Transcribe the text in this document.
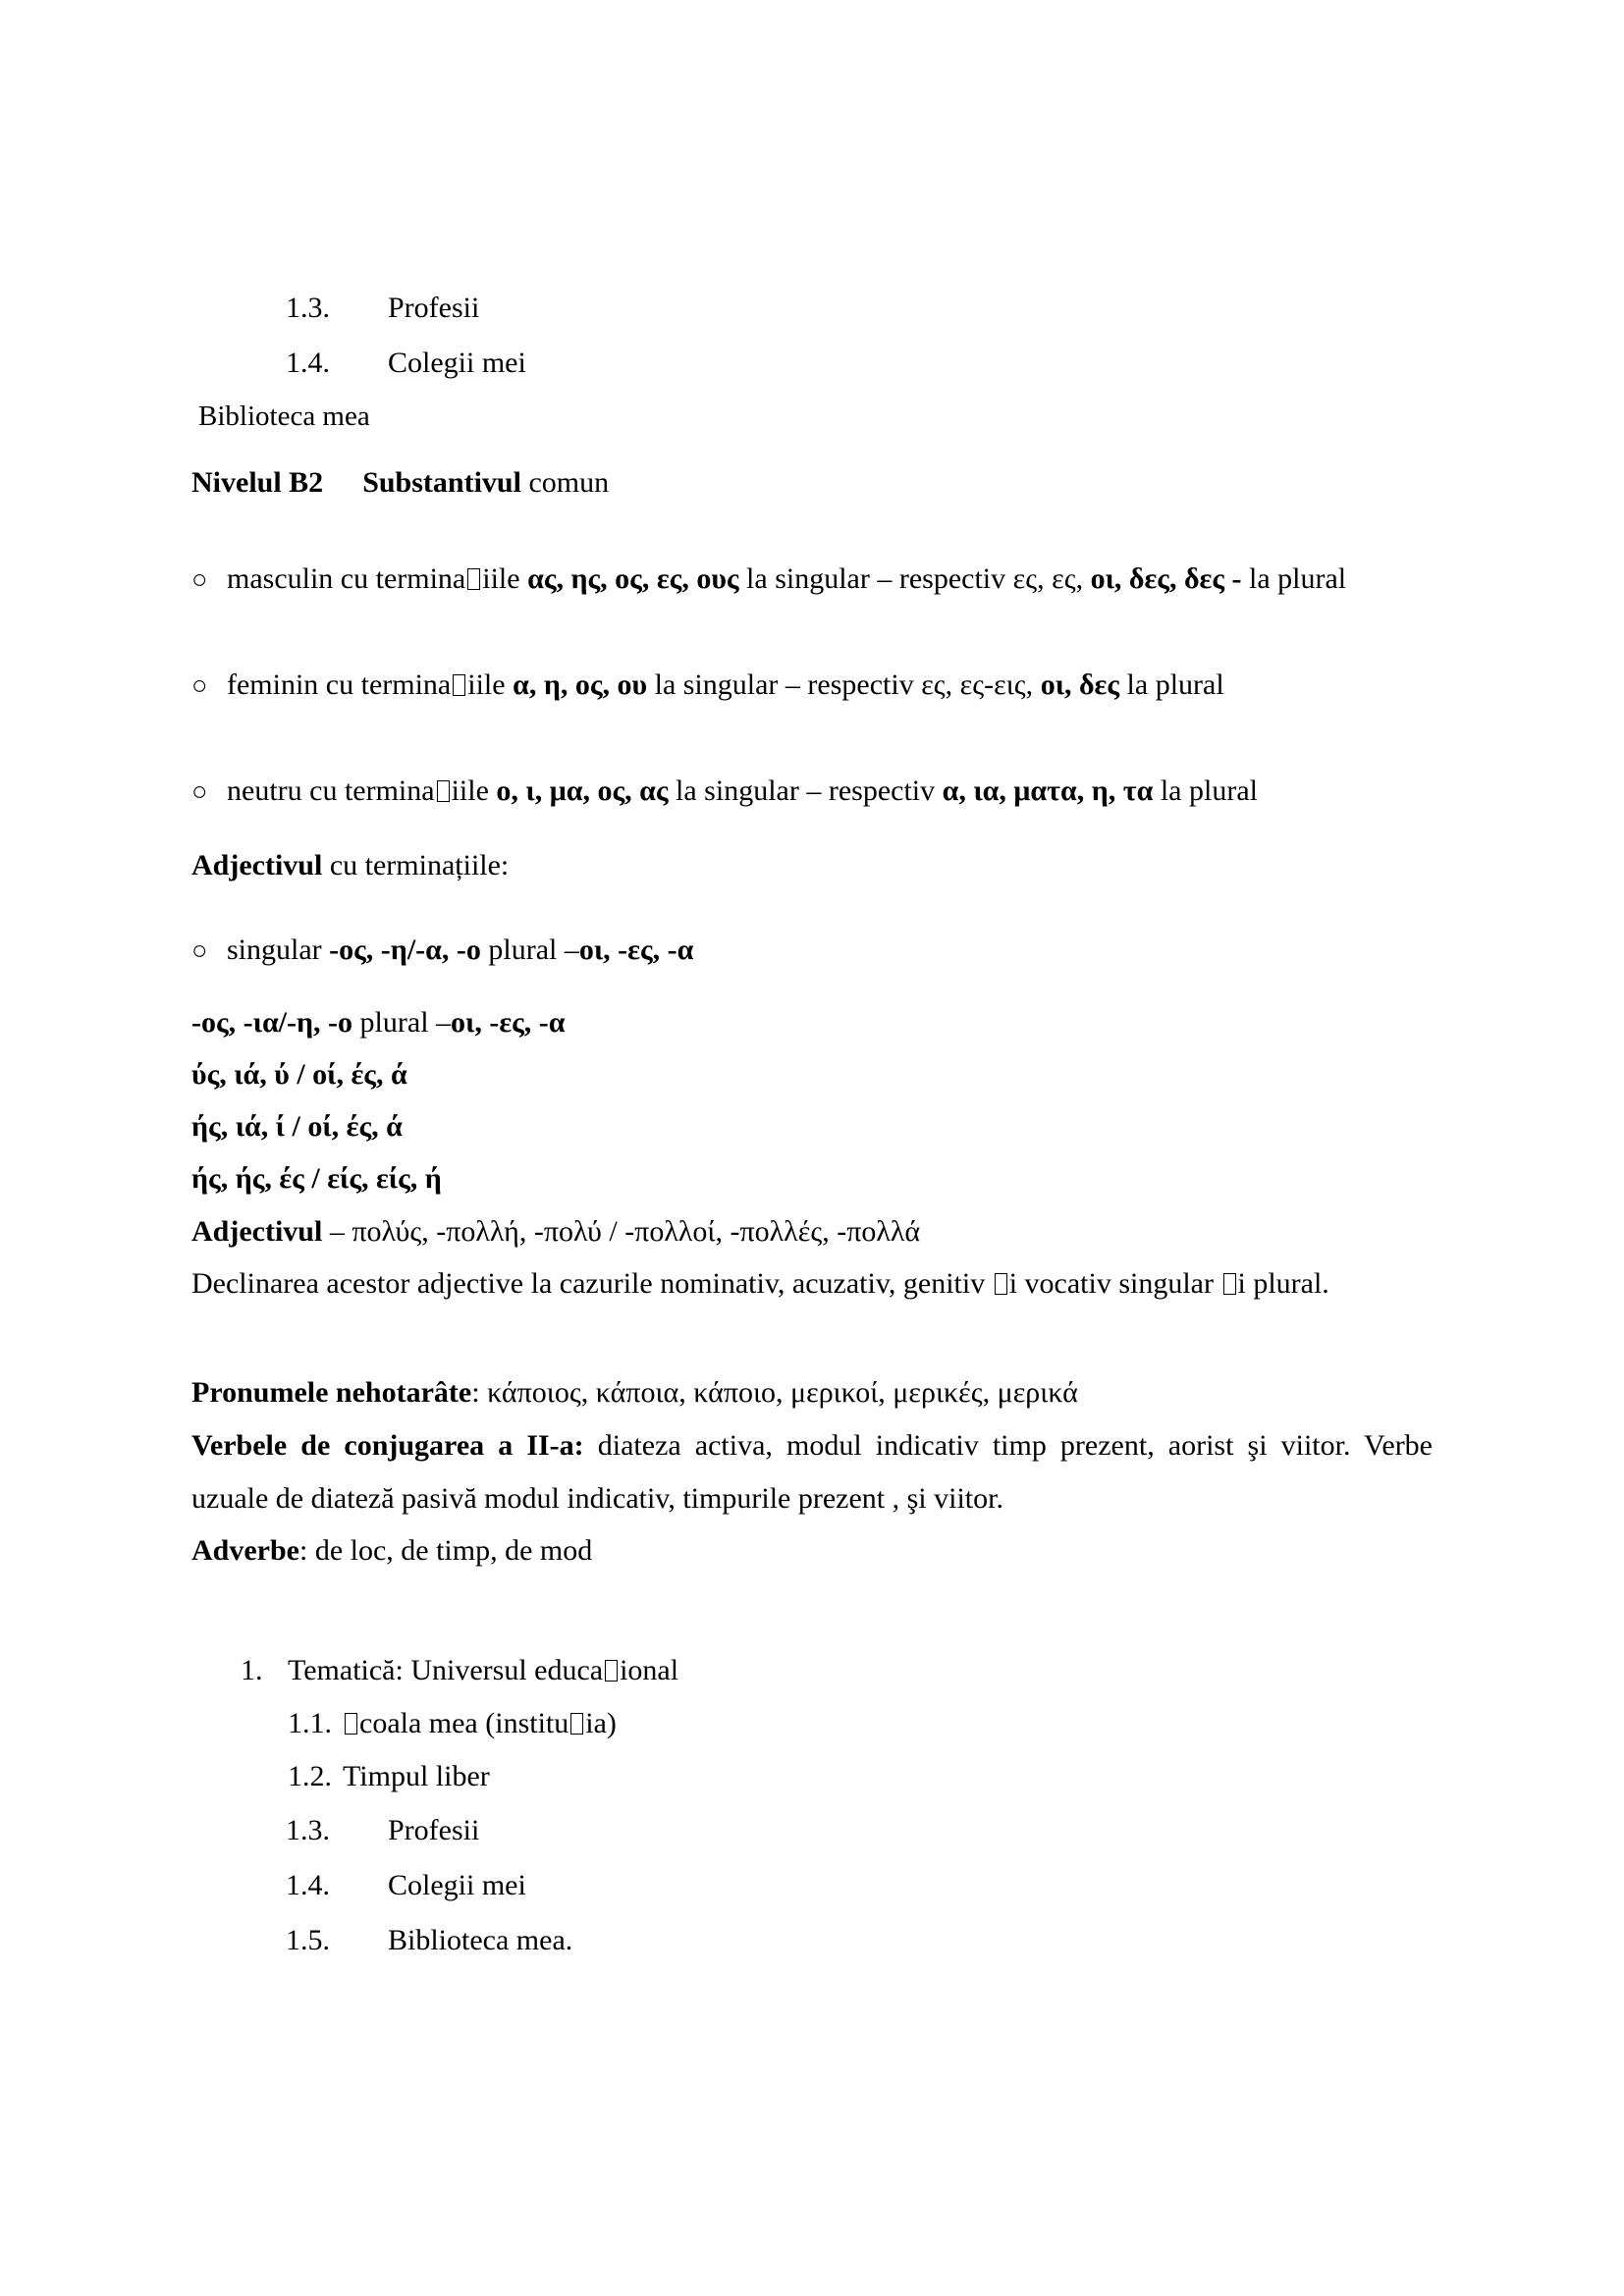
1.3. Profesii
1.4. Colegii mei
Biblioteca mea
Nivelul B2 Substantivul comun
○ masculin cu termina iile ας, ης, ος, ες, ους la singular – respectiv ες, ες, οι, δες, δες - la plural
○ feminin cu termina iile α, η, ος, ου la singular – respectiv ες, ες-εις, οι, δες la plural
○ neutru cu termina iile ο, ι, μα, ος, ας la singular – respectiv α, ια, ματα, η, τα la plural
Adjectivul cu terminațiile:
○ singular -ος, -η/-α, -ο plural –οι, -ες, -α
-ος, -ια/-η, -ο plural –οι, -ες, -α
ύς, ιά, ύ / οί, ές, ά
ής, ιά, ί / οί, ές, ά
ής, ής, ές / είς, είς, ή
Adjectivul – πολύς, -πολλή, -πολύ / -πολλοί, -πολλές, -πολλά
Declinarea acestor adjective la cazurile nominativ, acuzativ, genitiv i vocativ singular i plural.
Pronumele nehotarâte: κάποιος, κάποια, κάποιο, μερικοί, μερικές, μερικά
Verbele de conjugarea a II-a: diateza activa, modul indicativ timp prezent, aorist şi viitor. Verbe
uzuale de diateză pasivă modul indicativ, timpurile prezent , şi viitor.
Adverbe: de loc, de timp, de mod
1. Tematică: Universul educa ional
1.1. coala mea (institu ia)
1.2. Timpul liber
1.3. Profesii
1.4. Colegii mei
1.5. Biblioteca mea.
